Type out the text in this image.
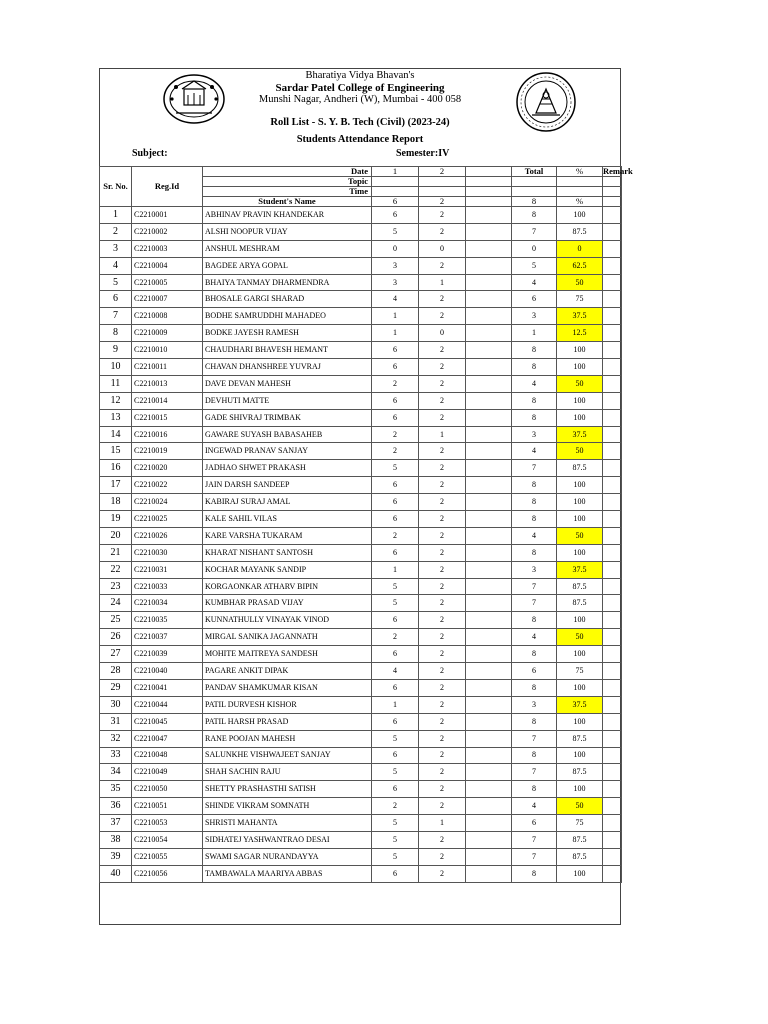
Bharatiya Vidya Bhavan's
Sardar Patel College of Engineering
Munshi Nagar, Andheri (W), Mumbai - 400 058
Roll List - S. Y. B. Tech (Civil) (2023-24)
Students Attendance Report
Subject:	Semester:IV
Sr. No.	Reg.Id	Date	1	2		Total	%	Remark
		Topic						
		Time						
		Student's Name	6	2		8	%	
1	C2210001	ABHINAV PRAVIN KHANDEKAR	6	2		8	100	
2	C2210002	ALSHI NOOPUR VIJAY	5	2		7	87.5	
3	C2210003	ANSHUL MESHRAM	0	0		0	0	
4	C2210004	BAGDEE ARYA GOPAL	3	2		5	62.5	
5	C2210005	BHAIYA TANMAY DHARMENDRA	3	1		4	50	
6	C2210007	BHOSALE GARGI SHARAD	4	2		6	75	
7	C2210008	BODHE SAMRUDDHI MAHADEO	1	2		3	37.5	
8	C2210009	BODKE JAYESH RAMESH	1	0		1	12.5	
9	C2210010	CHAUDHARI BHAVESH HEMANT	6	2		8	100	
10	C2210011	CHAVAN DHANSHREE YUVRAJ	6	2		8	100	
11	C2210013	DAVE DEVAN MAHESH	2	2		4	50	
12	C2210014	DEVHUTI MATTE	6	2		8	100	
13	C2210015	GADE SHIVRAJ TRIMBAK	6	2		8	100	
14	C2210016	GAWARE SUYASH BABASAHEB	2	1		3	37.5	
15	C2210019	INGEWAD PRANAV SANJAY	2	2		4	50	
16	C2210020	JADHAO SHWET PRAKASH	5	2		7	87.5	
17	C2210022	JAIN DARSH SANDEEP	6	2		8	100	
18	C2210024	KABIRAJ SURAJ AMAL	6	2		8	100	
19	C2210025	KALE SAHIL VILAS	6	2		8	100	
20	C2210026	KARE VARSHA TUKARAM	2	2		4	50	
21	C2210030	KHARAT NISHANT SANTOSH	6	2		8	100	
22	C2210031	KOCHAR MAYANK SANDIP	1	2		3	37.5	
23	C2210033	KORGAONKAR ATHARV BIPIN	5	2		7	87.5	
24	C2210034	KUMBHAR PRASAD VIJAY	5	2		7	87.5	
25	C2210035	KUNNATHULLY VINAYAK VINOD	6	2		8	100	
26	C2210037	MIRGAL SANIKA JAGANNATH	2	2		4	50	
27	C2210039	MOHITE MAITREYA SANDESH	6	2		8	100	
28	C2210040	PAGARE ANKIT DIPAK	4	2		6	75	
29	C2210041	PANDAV SHAMKUMAR KISAN	6	2		8	100	
30	C2210044	PATIL DURVESH KISHOR	1	2		3	37.5	
31	C2210045	PATIL HARSH PRASAD	6	2		8	100	
32	C2210047	RANE POOJAN MAHESH	5	2		7	87.5	
33	C2210048	SALUNKHE VISHWAJEET SANJAY	6	2		8	100	
34	C2210049	SHAH SACHIN RAJU	5	2		7	87.5	
35	C2210050	SHETTY PRASHASTHI SATISH	6	2		8	100	
36	C2210051	SHINDE VIKRAM SOMNATH	2	2		4	50	
37	C2210053	SHRISTI MAHANTA	5	1		6	75	
38	C2210054	SIDHATEJ YASHWANTRAO DESAI	5	2		7	87.5	
39	C2210055	SWAMI SAGAR NURANDAYYA	5	2		7	87.5	
40	C2210056	TAMBAWALA MAARIYA ABBAS	6	2		8	100	
